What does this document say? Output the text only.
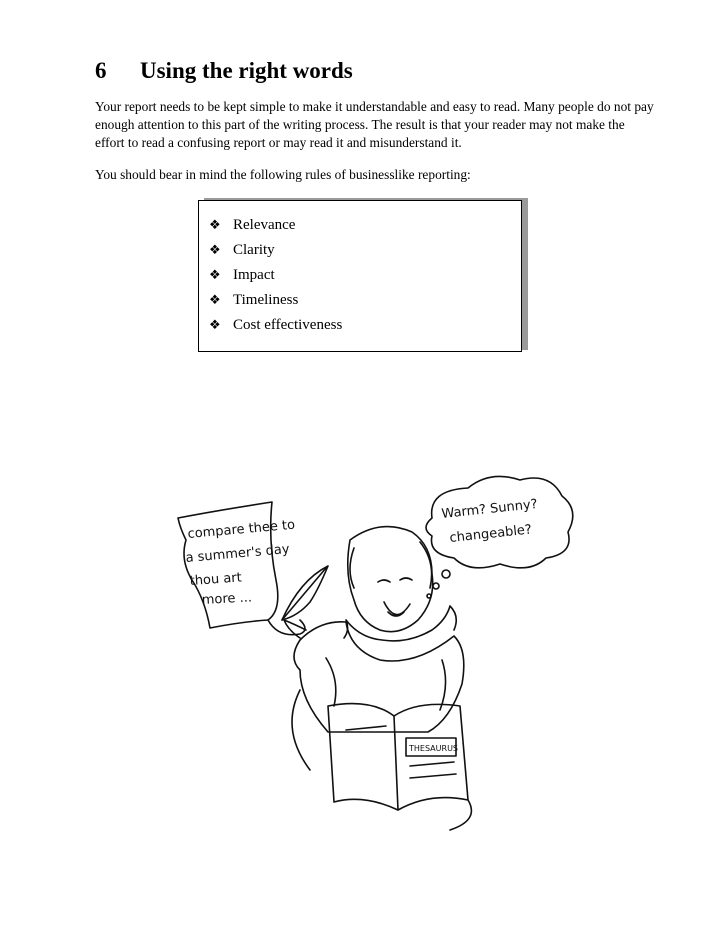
6	Using the right words
Your report needs to be kept simple to make it understandable and easy to read. Many people do not pay enough attention to this part of the writing process. The result is that your reader may not make the effort to read a confusing report or may read it and misunderstand it.
You should bear in mind the following rules of businesslike reporting:
❖ Relevance
❖ Clarity
❖ Impact
❖ Timeliness
❖ Cost effectiveness
compare thee to
a summer's day
thou art
more ...
Warm? Sunny?
changeable?
THESAURUS
